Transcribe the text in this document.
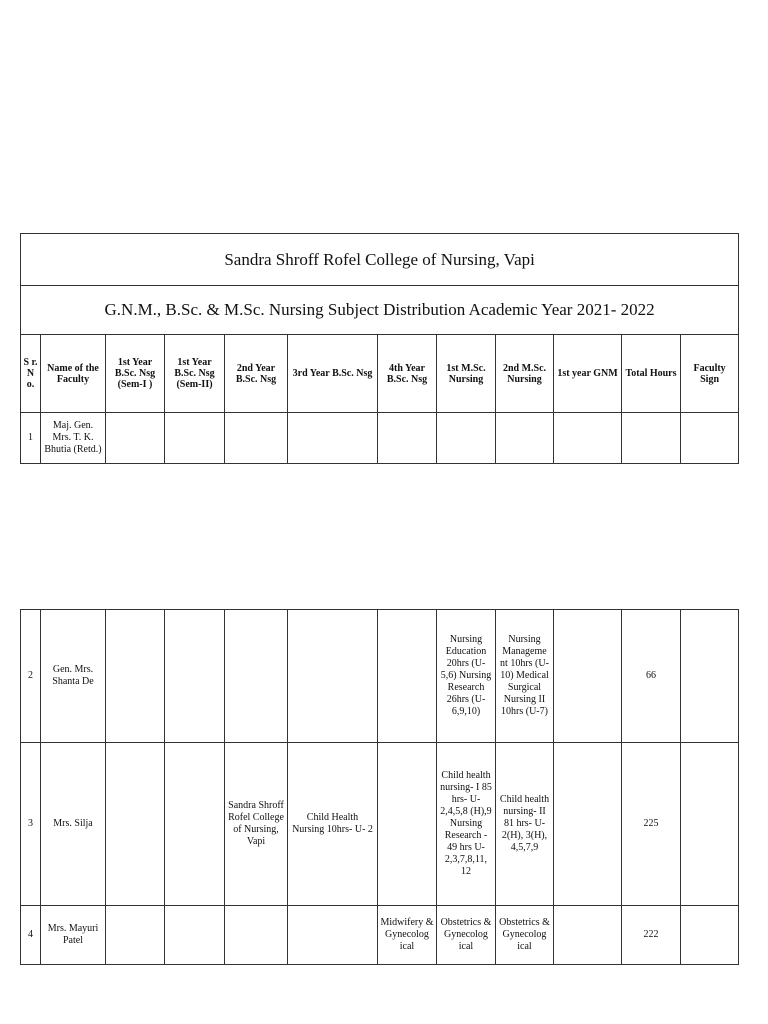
Sandra Shroff Rofel College of Nursing, Vapi											
G.N.M., B.Sc. & M.Sc. Nursing Subject Distribution Academic Year 2021- 2022											
S r. N o.	Name of the Faculty	1st Year B.Sc. Nsg (Sem-I )	1st Year B.Sc. Nsg (Sem-II)	2nd Year B.Sc. Nsg	3rd Year B.Sc. Nsg	4th Year B.Sc. Nsg	1st M.Sc. Nursing	2nd M.Sc. Nursing	1st year GNM	Total Hours	Faculty Sign
1	Maj. Gen. Mrs. T. K. Bhutia (Retd.)										
2	Gen. Mrs. Shanta De						Nursing Education 20hrs (U-5,6) Nursing Research 26hrs (U-6,9,10)	Nursing Manageme nt 10hrs (U-10) Medical Surgical Nursing II 10hrs (U-7)		66	
3	Mrs. Silja			Sandra Shroff Rofel College of Nursing, Vapi	Child Health Nursing 10hrs- U- 2		Child health nursing- I 85 hrs- U-2,4,5,8 (H),9 Nursing Research - 49 hrs U-2,3,7,8,11, 12	Child health nursing- II 81 hrs- U-2(H), 3(H), 4,5,7,9		225	
4	Mrs. Mayuri Patel					Midwifery & Gynecolog ical	Obstetrics & Gynecolog ical	Obstetrics & Gynecolog ical		222	
